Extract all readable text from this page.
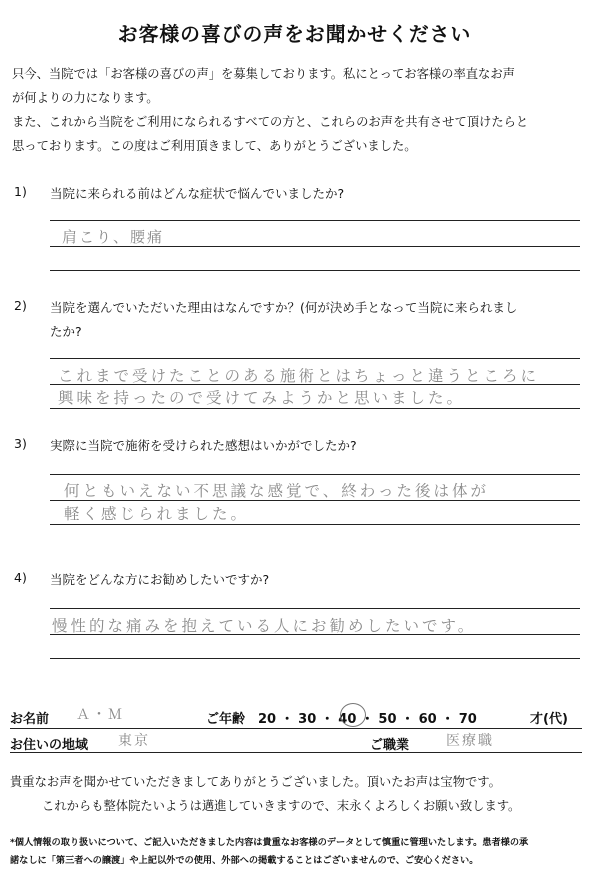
お客様の喜びの声をお聞かせください
只今、当院では「お客様の喜びの声」を募集しております。私にとってお客様の率直なお声
が何よりの力になります。
また、これから当院をご利用になられるすべての方と、これらのお声を共有させて頂けたらと
思っております。この度はご利用頂きまして、ありがとうございました。
1) 当院に来られる前はどんな症状で悩んでいましたか?
肩こり、腰痛
2) 当院を選んでいただいた理由はなんですか？(何が決め手となって当院に来られまし
たか?
これまで受けたことのある施術とはちょっと違うところに
興味を持ったので受けてみようかと思いました。
3) 実際に当院で施術を受けられた感想はいかがでしたか?
何ともいえない不思議な感覚で、終わった後は体が
軽く感じられました。
4) 当院をどんな方にお勧めしたいですか?
慢性的な痛みを抱えている人にお勧めしたいです。
お名前 Ａ・Ｍ	ご年齢 20 ・ 30 ・ 40 ・ 50 ・ 60 ・ 70	才(代)
お住いの地域 東京	ご職業	医療職
貴重なお声を聞かせていただきましてありがとうございました。頂いたお声は宝物です。
これからも整体院たいようは邁進していきますので、末永くよろしくお願い致します。
*個人情報の取り扱いについて、ご記入いただきました内容は貴重なお客様のデータとして慎重に管理いたします。患者様の承
諾なしに「第三者への譲渡」や上記以外での使用、外部への掲載することはございませんので、ご安心ください。
